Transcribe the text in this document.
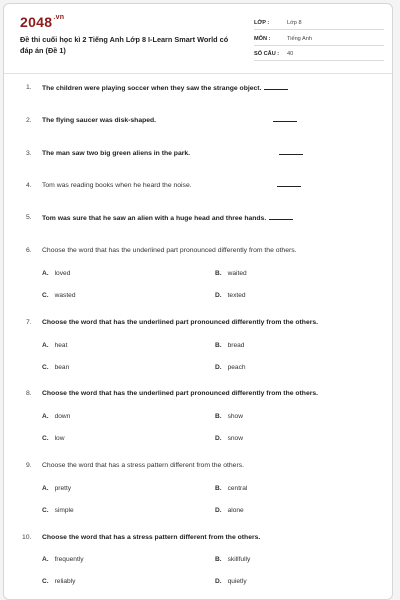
$2048^{.vn}$
Đề thi cuối học kì 2 Tiếng Anh Lớp 8 I-Learn Smart World có đáp án (Đề 1)
LỚP :	Lớp 8
MÔN :	Tiếng Anh
SỐ CÂU : 40
1. The children were playing soccer when they saw the strange object.
2. The flying saucer was disk-shaped.
3. The man saw two big green aliens in the park.
4. Tom was reading books when he heard the noise.
5. Tom was sure that he saw an alien with a huge head and three hands.
6. Choose the word that has the underlined part pronounced differently from the others.
A. loved	B. waited
C. wasted	D. texted
7. Choose the word that has the underlined part pronounced differently from the others.
A. heat	B. bread
C. bean	D. peach
8. Choose the word that has the underlined part pronounced differently from the others.
A. down	B. show
C. low	D. snow
9. Choose the word that has a stress pattern different from the others.
A. pretty	B. central
C. simple	D. alone
10. Choose the word that has a stress pattern different from the others.
A. frequently	B. skillfully
C. reliably	D. quietly
